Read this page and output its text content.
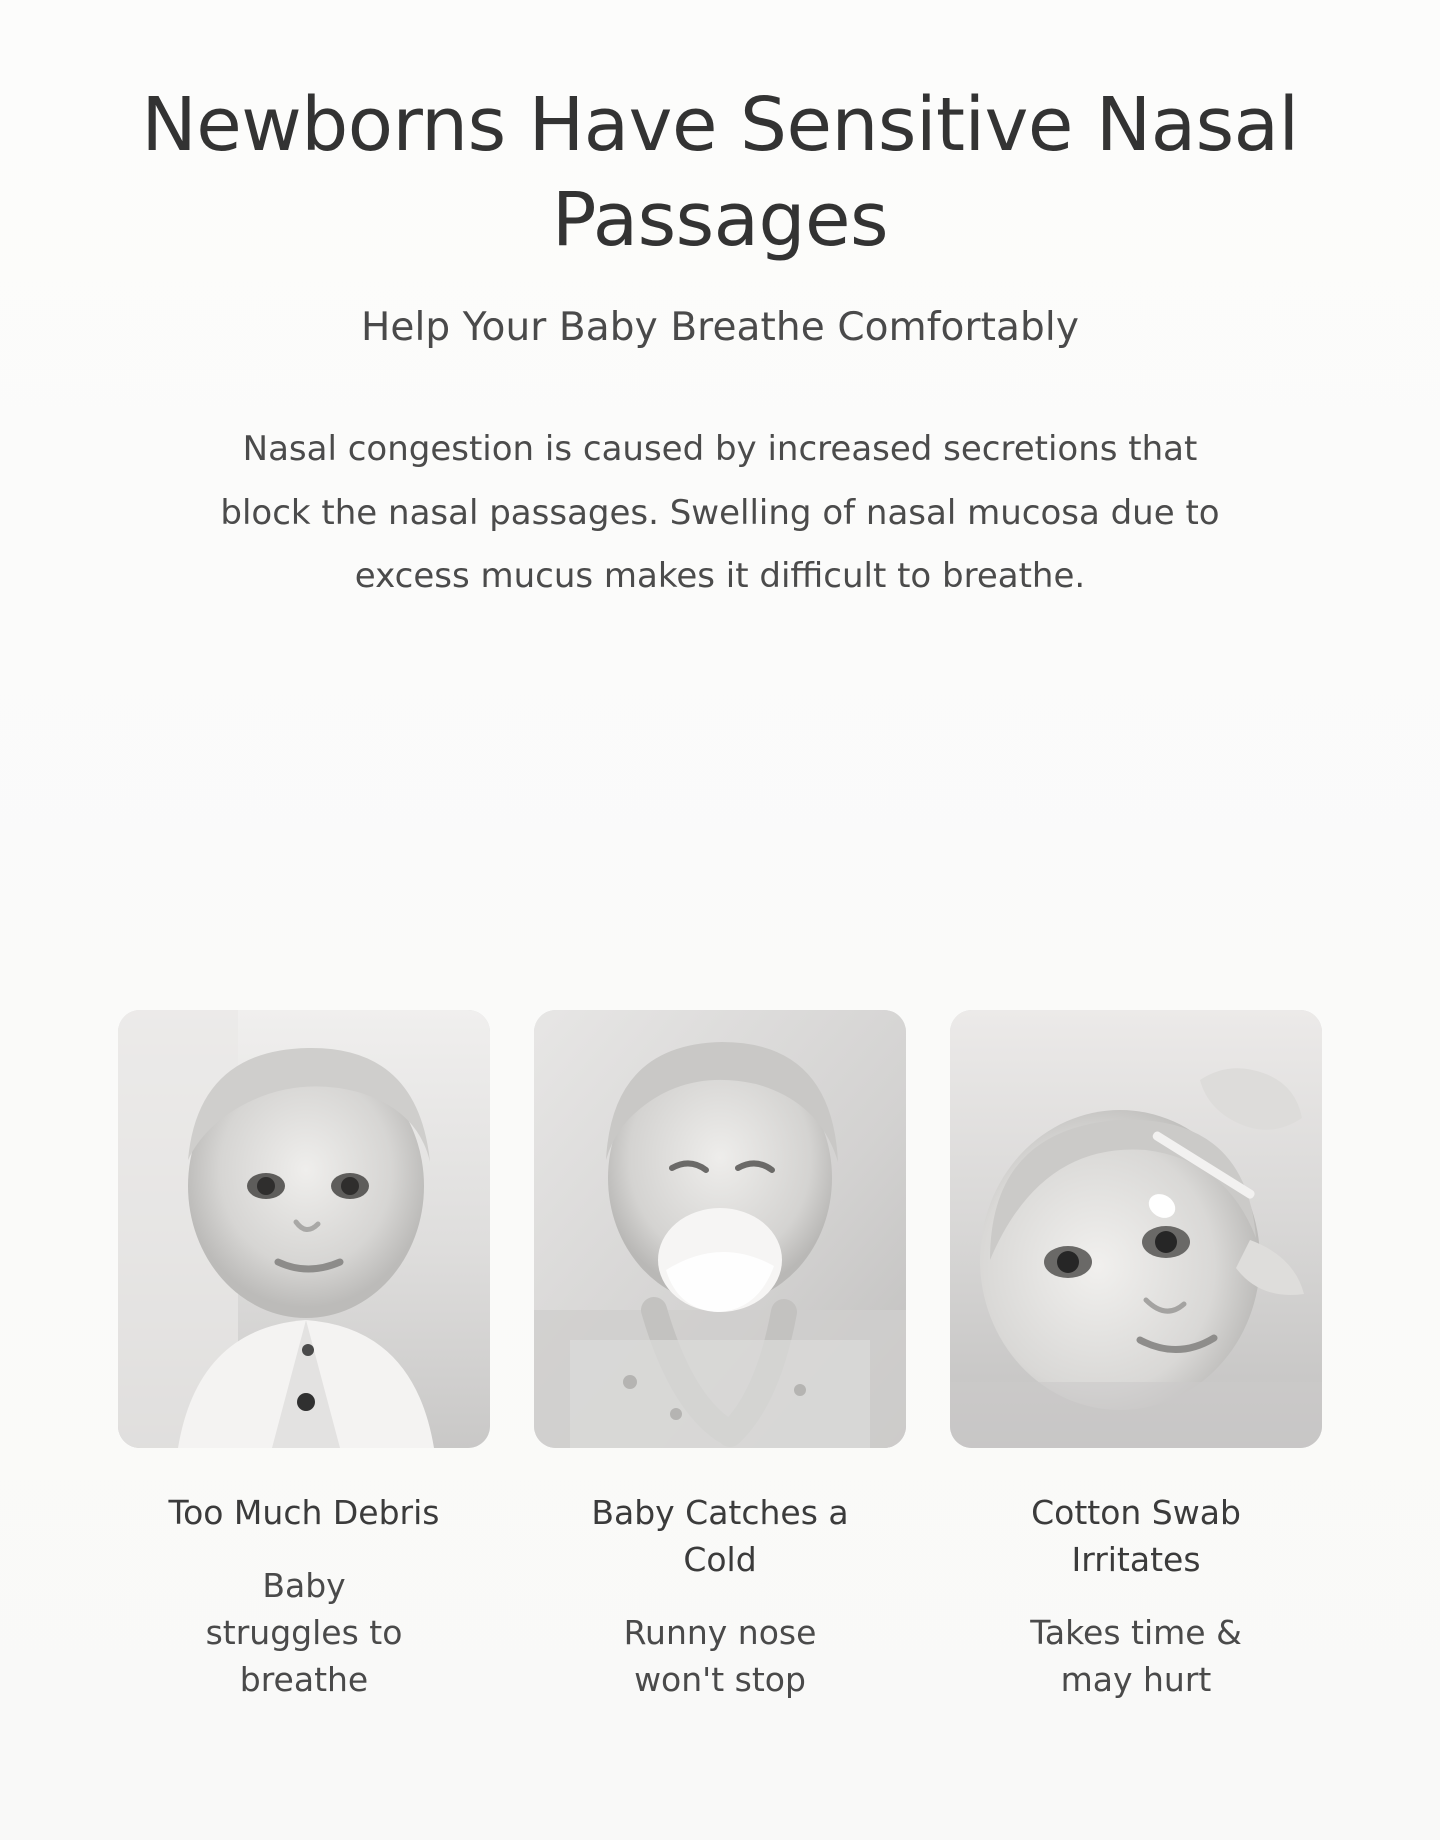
Newborns Have Sensitive Nasal Passages
Help Your Baby Breathe Comfortably

Nasal congestion is caused by increased secretions that block the nasal passages. Swelling of nasal mucosa due to excess mucus makes it difficult to breathe.

Too Much Debris
Baby struggles to breathe
Baby Catches a Cold
Runny nose won't stop
Cotton Swab Irritates
Takes time & may hurt
